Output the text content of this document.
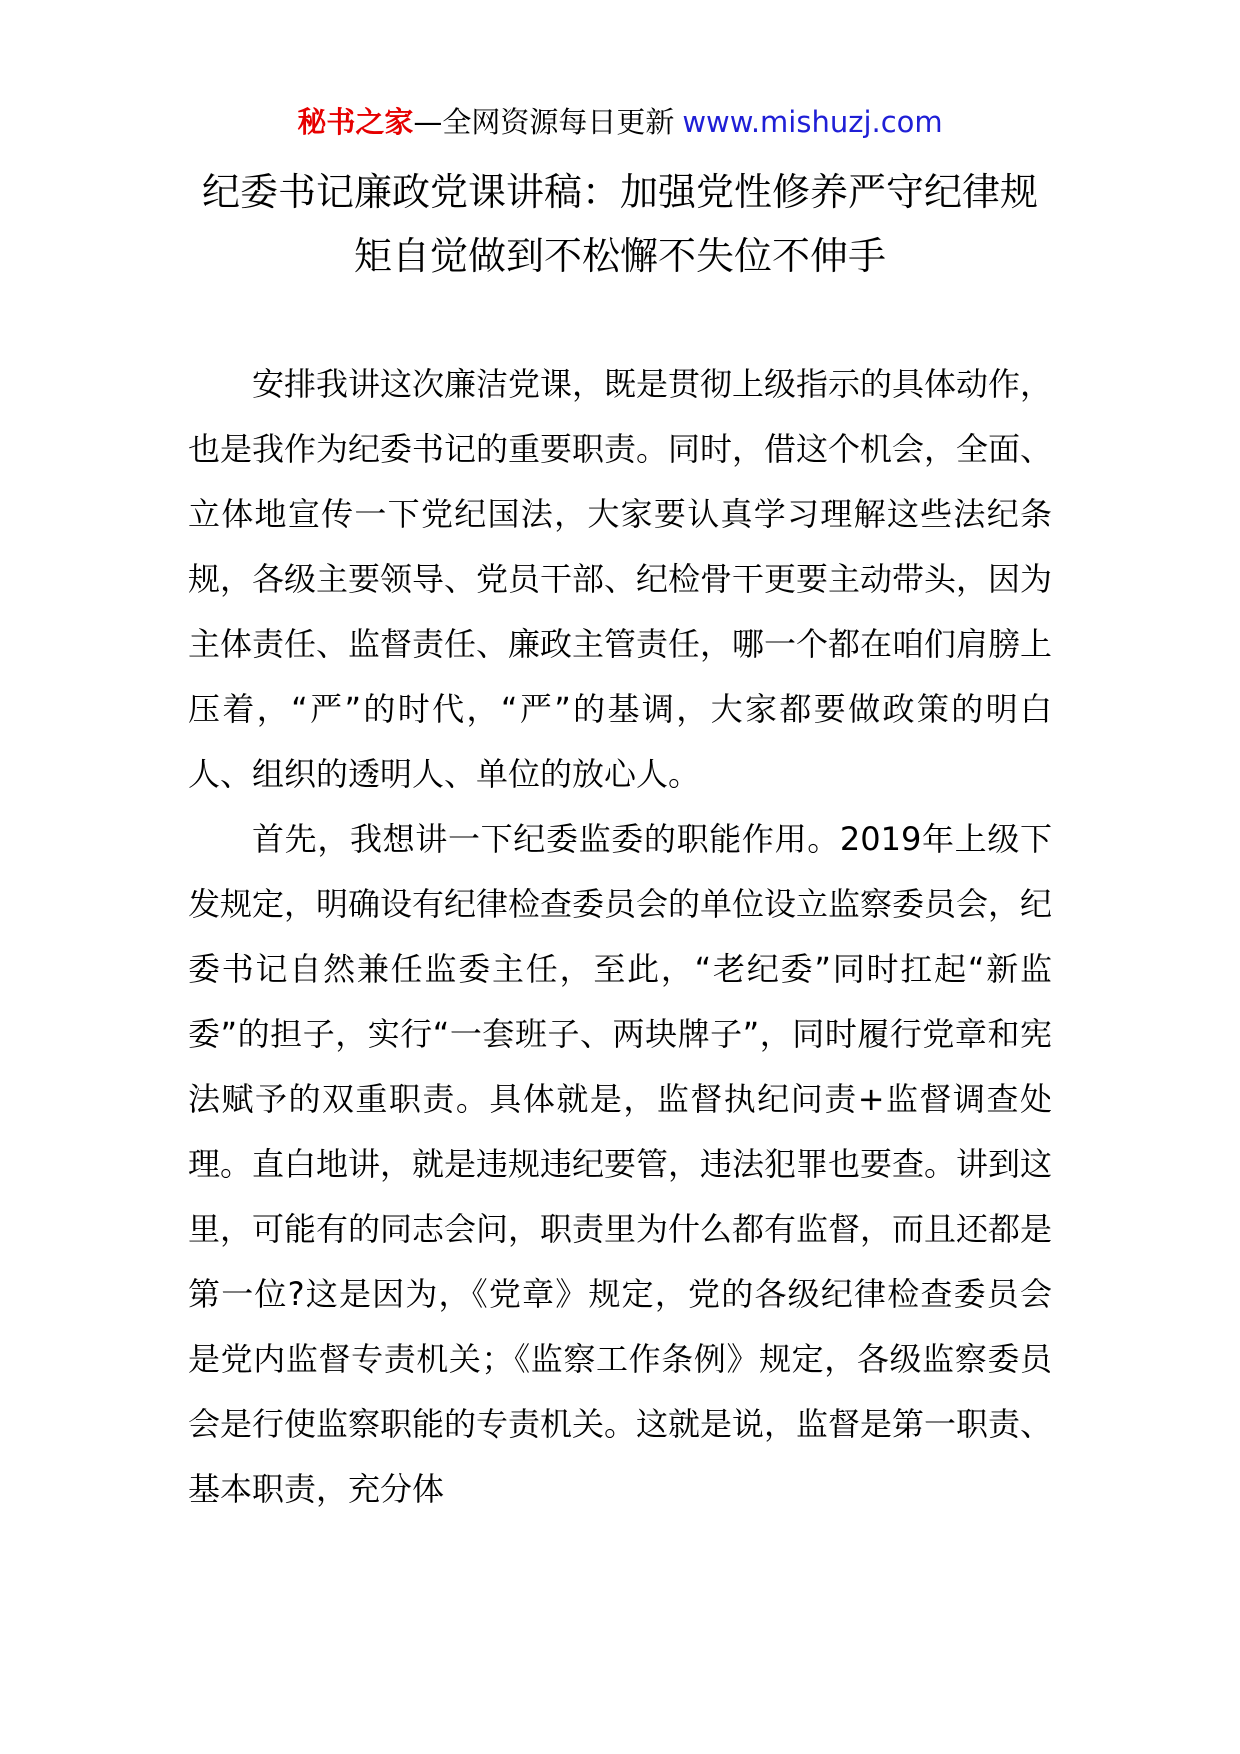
秘书之家—全网资源每日更新 www.mishuzj.com
纪委书记廉政党课讲稿：加强党性修养严守纪律规矩自觉做到不松懈不失位不伸手

安排我讲这次廉洁党课，既是贯彻上级指示的具体动作，也是我作为纪委书记的重要职责。同时，借这个机会，全面、立体地宣传一下党纪国法，大家要认真学习理解这些法纪条规，各级主要领导、党员干部、纪检骨干更要主动带头，因为主体责任、监督责任、廉政主管责任，哪一个都在咱们肩膀上压着，“严”的时代，“严”的基调，大家都要做政策的明白人、组织的透明人、单位的放心人。

首先，我想讲一下纪委监委的职能作用。2019年上级下发规定，明确设有纪律检查委员会的单位设立监察委员会，纪委书记自然兼任监委主任，至此，“老纪委”同时扛起“新监委”的担子，实行“一套班子、两块牌子”，同时履行党章和宪法赋予的双重职责。具体就是，监督执纪问责+监督调查处理。直白地讲，就是违规违纪要管，违法犯罪也要查。讲到这里，可能有的同志会问，职责里为什么都有监督，而且还都是第一位?这是因为，《党章》规定，党的各级纪律检查委员会是党内监督专责机关；《监察工作条例》规定，各级监察委员会是行使监察职能的专责机关。这就是说，监督是第一职责、基本职责，充分体
